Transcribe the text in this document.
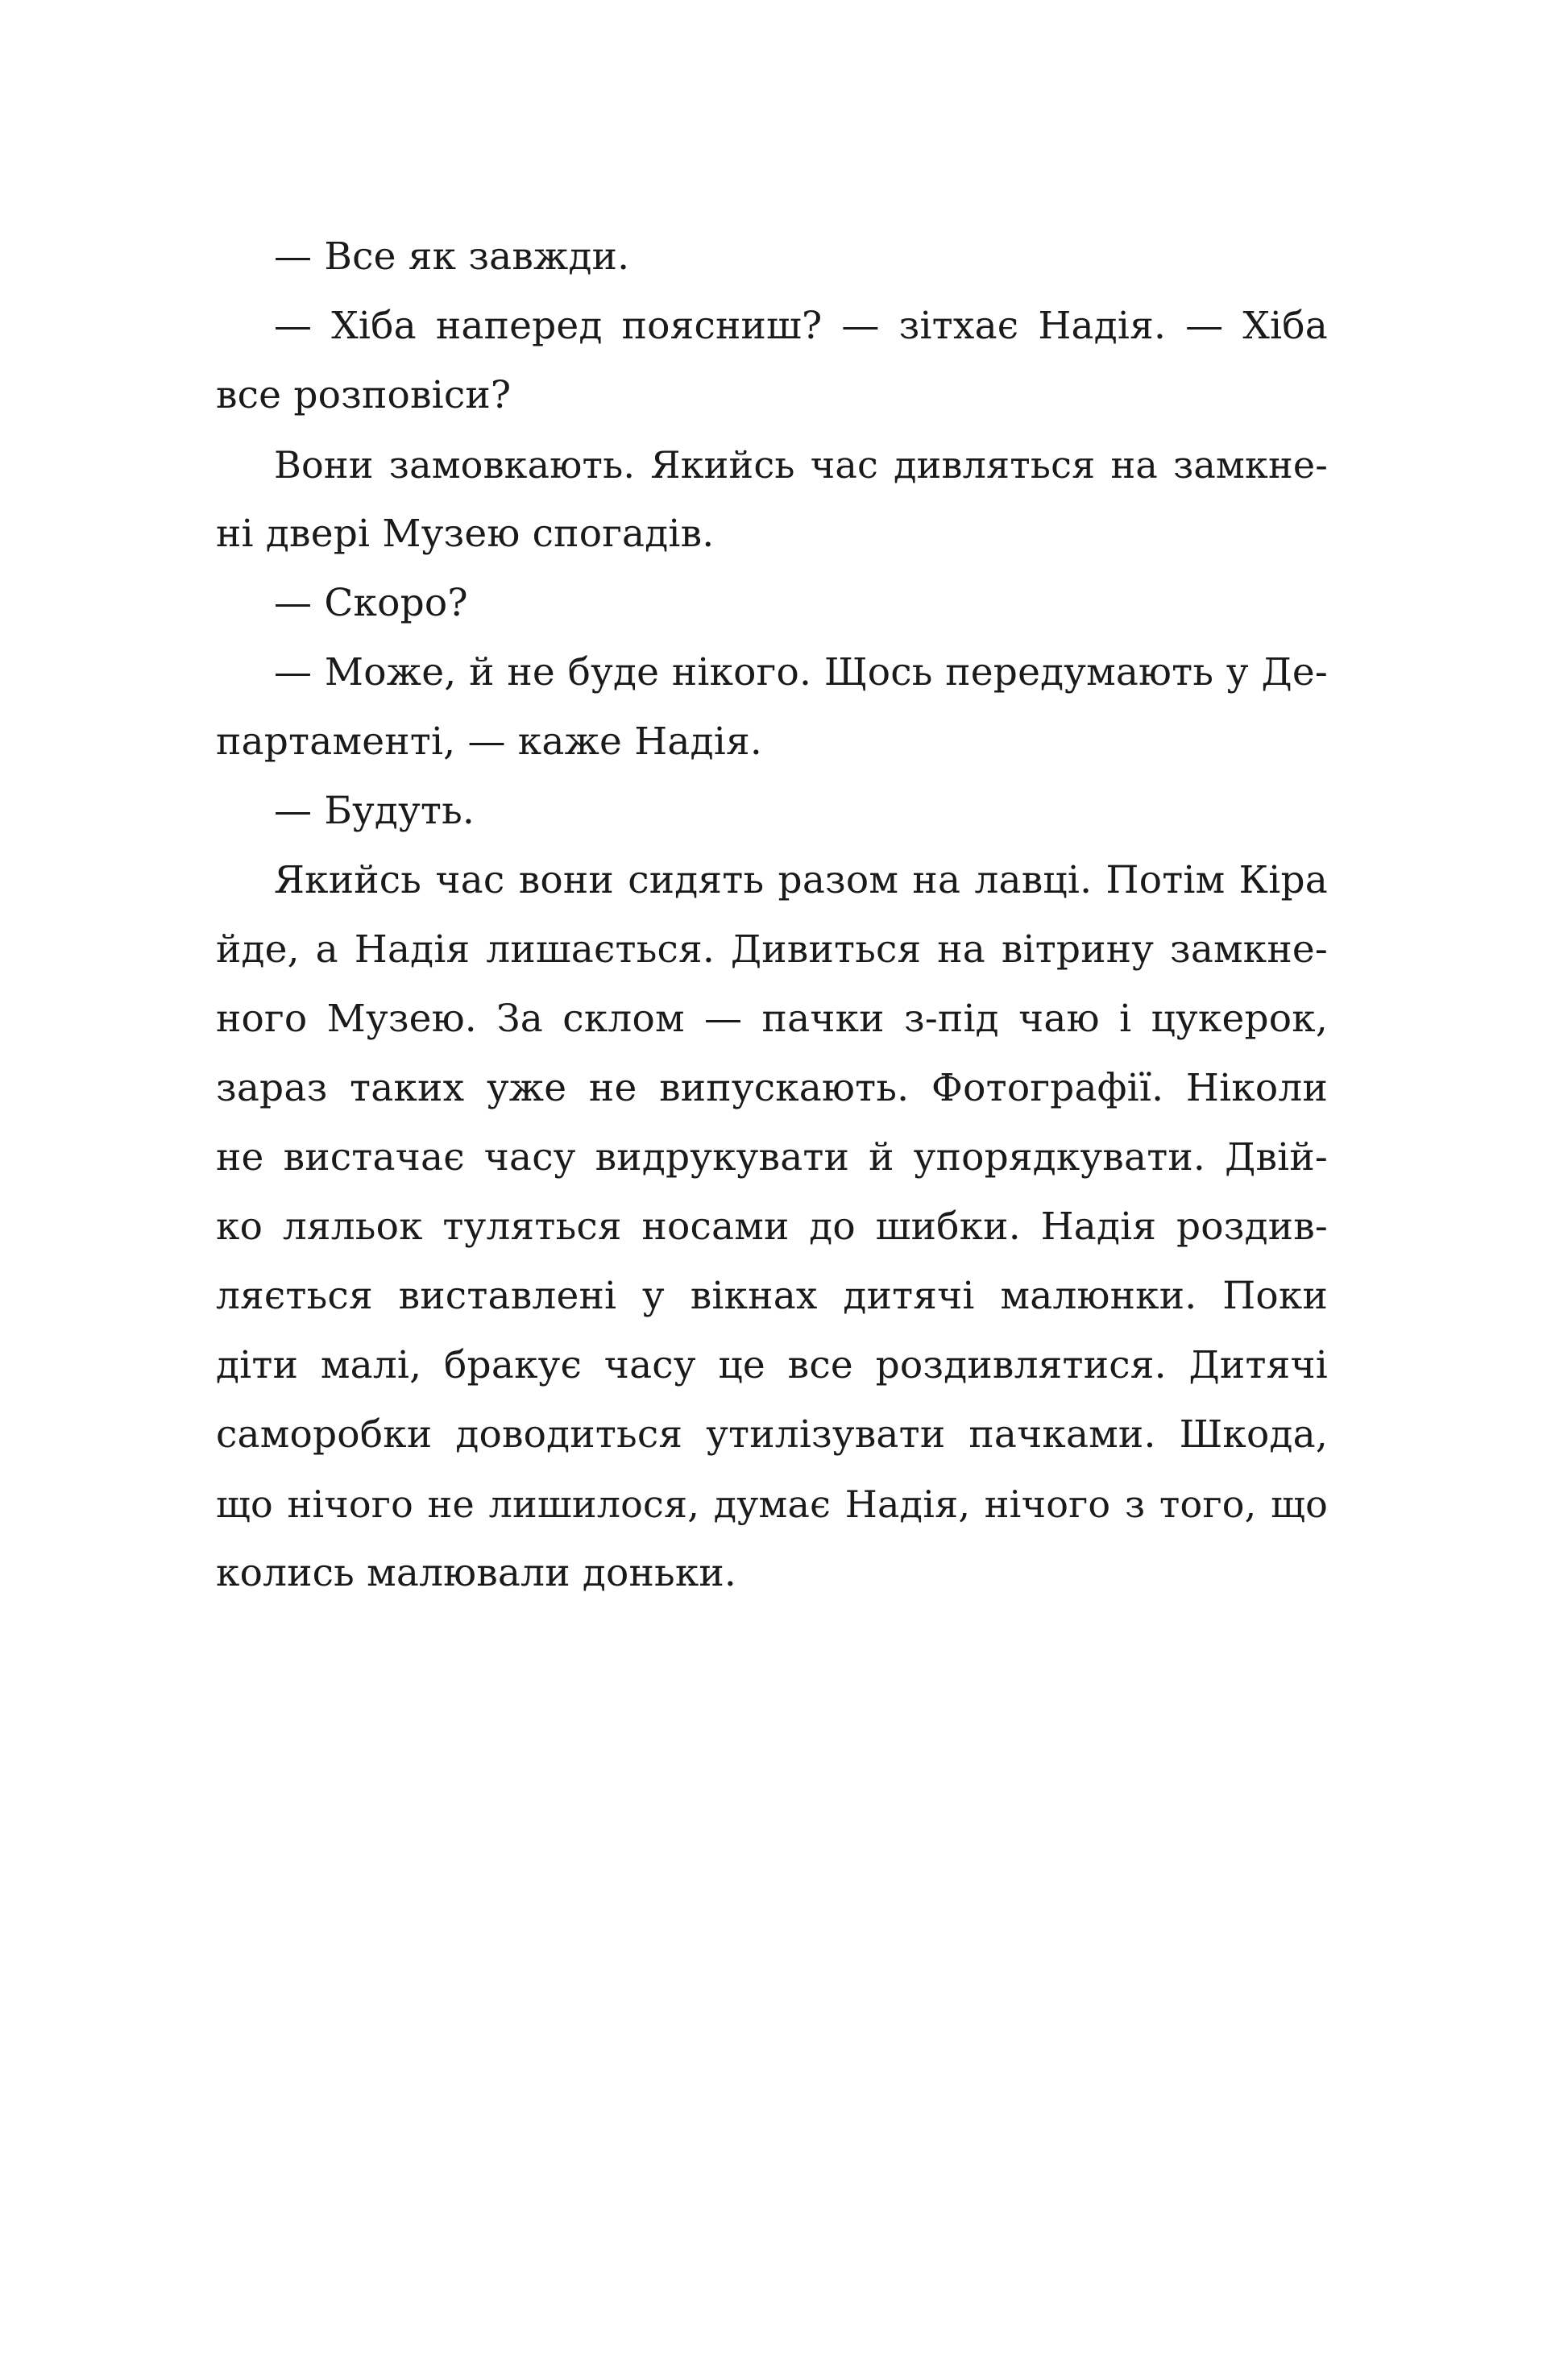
— Все як завжди.
— Хіба наперед поясниш? — зітхає Надія. — Хіба
все розповіси?
Вони замовкають. Якийсь час дивляться на замкне-
ні двері Музею спогадів.
— Скоро?
— Може, й не буде нікого. Щось передумають у Де-
партаменті, — каже Надія.
— Будуть.
Якийсь час вони сидять разом на лавці. Потім Кіра
йде, а Надія лишається. Дивиться на вітрину замкне-
ного Музею. За склом — пачки з-під чаю і цукерок,
зараз таких уже не випускають. Фотографії. Ніколи
не вистачає часу видрукувати й упорядкувати. Двій-
ко ляльок туляться носами до шибки. Надія роздив-
ляється виставлені у вікнах дитячі малюнки. Поки
діти малі, бракує часу це все роздивлятися. Дитячі
саморобки доводиться утилізувати пачками. Шкода,
що нічого не лишилося, думає Надія, нічого з того, що
колись малювали доньки.
